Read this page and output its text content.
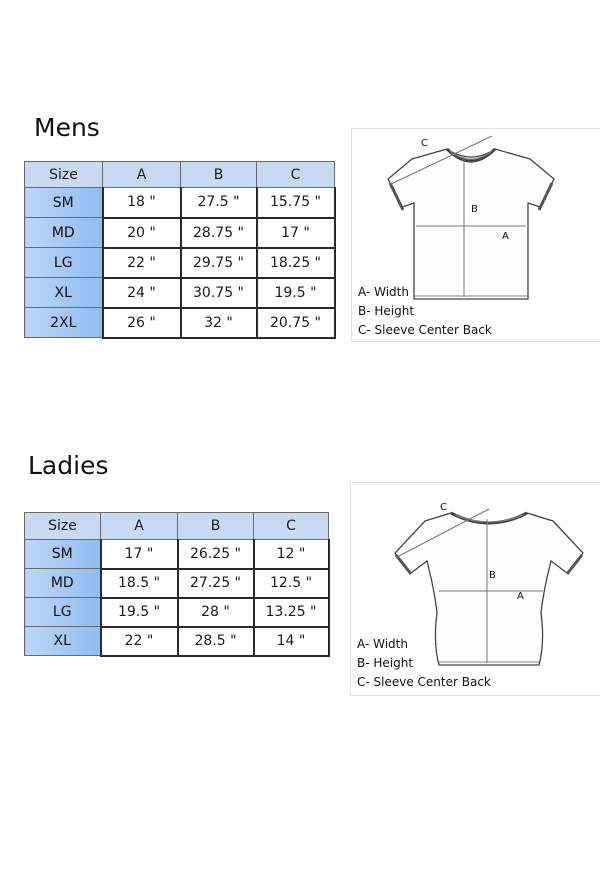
Mens
Size	A	B	C
SM	18 "	27.5 "	15.75 "
MD	20 "	28.75 "	17 "
LG	22 "	29.75 "	18.25 "
XL	24 "	30.75 "	19.5 "
2XL	26 "	32 "	20.75 "
C
B
A
A- Width
B- Height
C- Sleeve Center Back
Ladies
Size	A	B	C
SM	17 "	26.25 "	12 "
MD	18.5 "	27.25 "	12.5 "
LG	19.5 "	28 "	13.25 "
XL	22 "	28.5 "	14 "
C
B
A
A- Width
B- Height
C- Sleeve Center Back
